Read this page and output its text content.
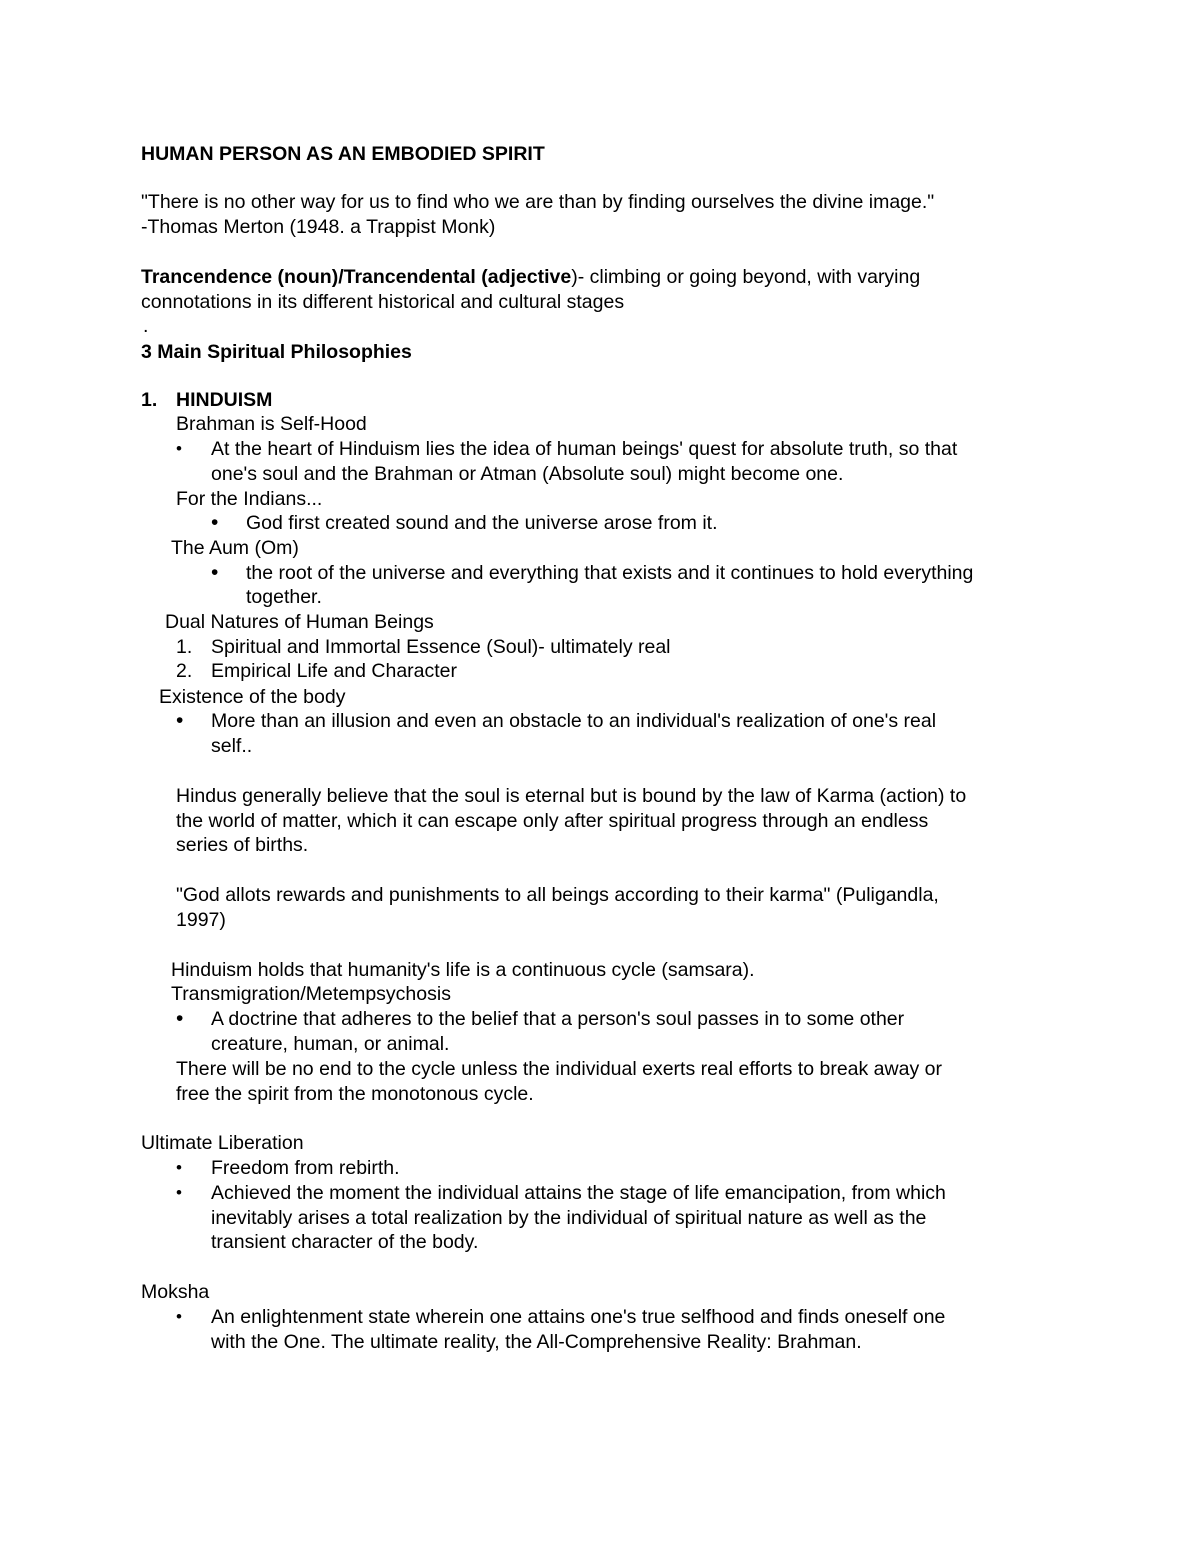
HUMAN PERSON AS AN EMBODIED SPIRIT
"There is no other way for us to find who we are than by finding ourselves the divine image."
-Thomas Merton (1948. a Trappist Monk)
Trancendence (noun)/Trancendental (adjective)- climbing or going beyond, with varying
connotations in its different historical and cultural stages
.
3 Main Spiritual Philosophies
1. HINDUISM
Brahman is Self-Hood
• At the heart of Hinduism lies the idea of human beings' quest for absolute truth, so that
one's soul and the Brahman or Atman (Absolute soul) might become one.
For the Indians...
• God first created sound and the universe arose from it.
The Aum (Om)
• the root of the universe and everything that exists and it continues to hold everything
together.
Dual Natures of Human Beings
1. Spiritual and Immortal Essence (Soul)- ultimately real
2. Empirical Life and Character
Existence of the body
• More than an illusion and even an obstacle to an individual's realization of one's real
self..
Hindus generally believe that the soul is eternal but is bound by the law of Karma (action) to
the world of matter, which it can escape only after spiritual progress through an endless
series of births.
"God allots rewards and punishments to all beings according to their karma" (Puligandla,
1997)
Hinduism holds that humanity's life is a continuous cycle (samsara).
Transmigration/Metempsychosis
• A doctrine that adheres to the belief that a person's soul passes in to some other
creature, human, or animal.
There will be no end to the cycle unless the individual exerts real efforts to break away or
free the spirit from the monotonous cycle.
Ultimate Liberation
• Freedom from rebirth.
• Achieved the moment the individual attains the stage of life emancipation, from which
inevitably arises a total realization by the individual of spiritual nature as well as the
transient character of the body.
Moksha
• An enlightenment state wherein one attains one's true selfhood and finds oneself one
with the One. The ultimate reality, the All-Comprehensive Reality: Brahman.
